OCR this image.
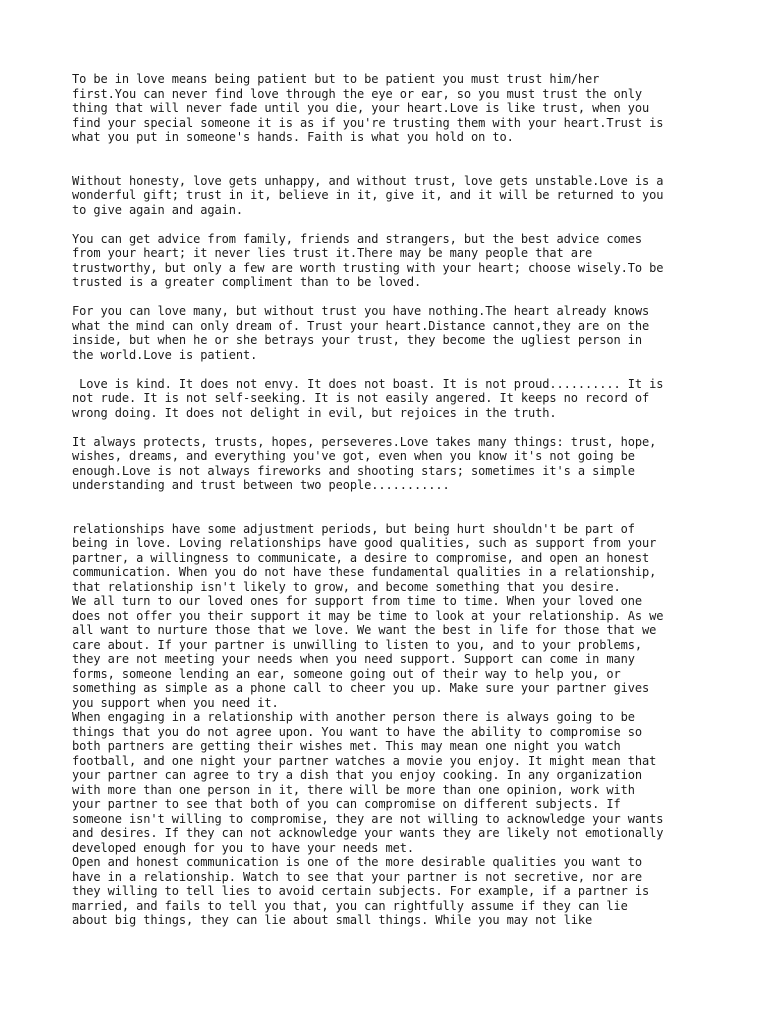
To be in love means being patient but to be patient you must trust him/her
first.You can never find love through the eye or ear, so you must trust the only
thing that will never fade until you die, your heart.Love is like trust, when you
find your special someone it is as if you're trusting them with your heart.Trust is
what you put in someone's hands. Faith is what you hold on to.

Without honesty, love gets unhappy, and without trust, love gets unstable.Love is a
wonderful gift; trust in it, believe in it, give it, and it will be returned to you
to give again and again.

You can get advice from family, friends and strangers, but the best advice comes
from your heart; it never lies trust it.There may be many people that are
trustworthy, but only a few are worth trusting with your heart; choose wisely.To be
trusted is a greater compliment than to be loved.

For you can love many, but without trust you have nothing.The heart already knows
what the mind can only dream of. Trust your heart.Distance cannot,they are on the
inside, but when he or she betrays your trust, they become the ugliest person in
the world.Love is patient.

Love is kind. It does not envy. It does not boast. It is not proud.......... It is
not rude. It is not self-seeking. It is not easily angered. It keeps no record of
wrong doing. It does not delight in evil, but rejoices in the truth.

It always protects, trusts, hopes, perseveres.Love takes many things: trust, hope,
wishes, dreams, and everything you've got, even when you know it's not going be
enough.Love is not always fireworks and shooting stars; sometimes it's a simple
understanding and trust between two people...........

relationships have some adjustment periods, but being hurt shouldn't be part of
being in love. Loving relationships have good qualities, such as support from your
partner, a willingness to communicate, a desire to compromise, and open an honest
communication. When you do not have these fundamental qualities in a relationship,
that relationship isn't likely to grow, and become something that you desire.
We all turn to our loved ones for support from time to time. When your loved one
does not offer you their support it may be time to look at your relationship. As we
all want to nurture those that we love. We want the best in life for those that we
care about. If your partner is unwilling to listen to you, and to your problems,
they are not meeting your needs when you need support. Support can come in many
forms, someone lending an ear, someone going out of their way to help you, or
something as simple as a phone call to cheer you up. Make sure your partner gives
you support when you need it.
When engaging in a relationship with another person there is always going to be
things that you do not agree upon. You want to have the ability to compromise so
both partners are getting their wishes met. This may mean one night you watch
football, and one night your partner watches a movie you enjoy. It might mean that
your partner can agree to try a dish that you enjoy cooking. In any organization
with more than one person in it, there will be more than one opinion, work with
your partner to see that both of you can compromise on different subjects. If
someone isn't willing to compromise, they are not willing to acknowledge your wants
and desires. If they can not acknowledge your wants they are likely not emotionally
developed enough for you to have your needs met.
Open and honest communication is one of the more desirable qualities you want to
have in a relationship. Watch to see that your partner is not secretive, nor are
they willing to tell lies to avoid certain subjects. For example, if a partner is
married, and fails to tell you that, you can rightfully assume if they can lie
about big things, they can lie about small things. While you may not like
